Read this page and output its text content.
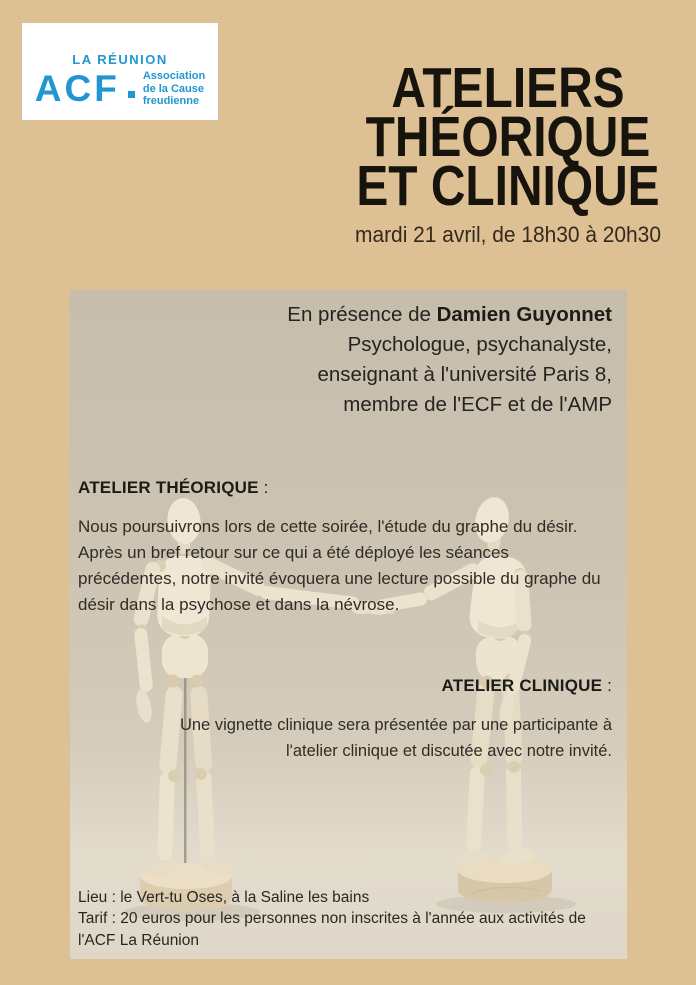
LA RÉUNION
ACF Association
de la Cause
freudienne	ATELIERS
THÉORIQUE
ET CLINIQUE
mardi 21 avril, de 18h30 à 20h30
En présence de Damien Guyonnet
Psychologue, psychanalyste,
enseignant à l'université Paris 8,
membre de l'ECF et de l'AMP
ATELIER THÉORIQUE :
Nous poursuivrons lors de cette soirée, l'étude du graphe du désir. Après un bref retour sur ce qui a été déployé les séances précédentes, notre invité évoquera une lecture possible du graphe du désir dans la psychose et dans la névrose.
ATELIER CLINIQUE :
Une vignette clinique sera présentée par une participante à l'atelier clinique et discutée avec notre invité.
Lieu : le Vert-tu Oses, à la Saline les bains
Tarif : 20 euros pour les personnes non inscrites à l'année aux activités de l'ACF La Réunion
